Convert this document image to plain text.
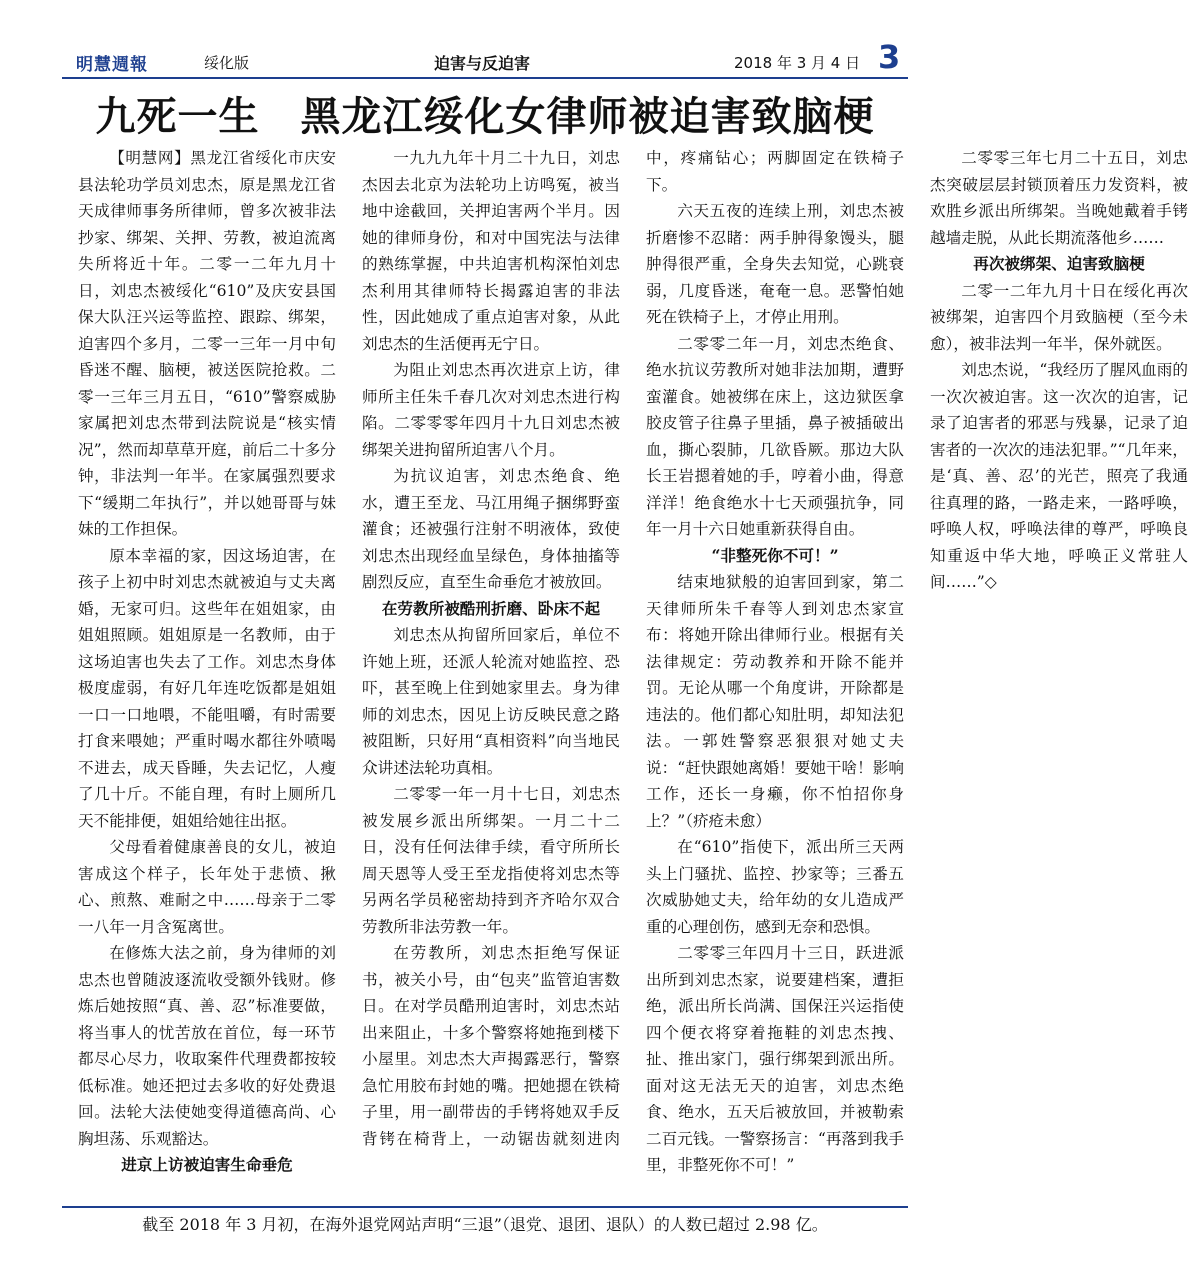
明慧週報	绥化版	迫害与反迫害	2018 年 3 月 4 日 3
九死一生　黑龙江绥化女律师被迫害致脑梗

【明慧网】黑龙江省绥化市庆安县法轮功学员刘忠杰，原是黑龙江省天成律师事务所律师，曾多次被非法抄家、绑架、关押、劳教，被迫流离失所将近十年。二零一二年九月十日，刘忠杰被绥化“610”及庆安县国保大队汪兴运等监控、跟踪、绑架，迫害四个多月，二零一三年一月中旬昏迷不醒、脑梗，被送医院抢救。二零一三年三月五日，“610”警察威胁家属把刘忠杰带到法院说是“核实情况”，然而却草草开庭，前后二十多分钟，非法判一年半。在家属强烈要求下“缓期二年执行”，并以她哥哥与妹妹的工作担保。

原本幸福的家，因这场迫害，在孩子上初中时刘忠杰就被迫与丈夫离婚，无家可归。这些年在姐姐家，由姐姐照顾。姐姐原是一名教师，由于这场迫害也失去了工作。刘忠杰身体极度虚弱，有好几年连吃饭都是姐姐一口一口地喂，不能咀嚼，有时需要打食来喂她；严重时喝水都往外喷喝不进去，成天昏睡，失去记忆，人瘦了几十斤。不能自理，有时上厕所几天不能排便，姐姐给她往出抠。

父母看着健康善良的女儿，被迫害成这个样子，长年处于悲愤、揪心、煎熬、难耐之中……母亲于二零一八年一月含冤离世。

在修炼大法之前，身为律师的刘忠杰也曾随波逐流收受额外钱财。修炼后她按照“真、善、忍”标准要做，将当事人的忧苦放在首位，每一环节都尽心尽力，收取案件代理费都按较低标准。她还把过去多收的好处费退回。法轮大法使她变得道德高尚、心胸坦荡、乐观豁达。

进京上访被迫害生命垂危

一九九九年十月二十九日，刘忠杰因去北京为法轮功上访鸣冤，被当地中途截回，关押迫害两个半月。因她的律师身份，和对中国宪法与法律的熟练掌握，中共迫害机构深怕刘忠杰利用其律师特长揭露迫害的非法性，因此她成了重点迫害对象，从此刘忠杰的生活便再无宁日。

为阻止刘忠杰再次进京上访，律师所主任朱千春几次对刘忠杰进行构陷。二零零零年四月十九日刘忠杰被绑架关进拘留所迫害八个月。

为抗议迫害，刘忠杰绝食、绝水，遭王至龙、马江用绳子捆绑野蛮灌食；还被强行注射不明液体，致使刘忠杰出现经血呈绿色，身体抽搐等剧烈反应，直至生命垂危才被放回。

在劳教所被酷刑折磨、卧床不起

刘忠杰从拘留所回家后，单位不许她上班，还派人轮流对她监控、恐吓，甚至晚上住到她家里去。身为律师的刘忠杰，因见上访反映民意之路被阻断，只好用“真相资料”向当地民众讲述法轮功真相。

二零零一年一月十七日，刘忠杰被发展乡派出所绑架。一月二十二日，没有任何法律手续，看守所所长周天恩等人受王至龙指使将刘忠杰等另两名学员秘密劫持到齐齐哈尔双合劳教所非法劳教一年。

在劳教所，刘忠杰拒绝写保证书，被关小号，由“包夹”监管迫害数日。在对学员酷刑迫害时，刘忠杰站出来阻止，十多个警察将她拖到楼下小屋里。刘忠杰大声揭露恶行，警察急忙用胶布封她的嘴。把她摁在铁椅子里，用一副带齿的手铐将她双手反背铐在椅背上，一动锯齿就刻进肉中，疼痛钻心；两脚固定在铁椅子下。

六天五夜的连续上刑，刘忠杰被折磨惨不忍睹：两手肿得象馒头，腿肿得很严重，全身失去知觉，心跳衰弱，几度昏迷，奄奄一息。恶警怕她死在铁椅子上，才停止用刑。

二零零二年一月，刘忠杰绝食、绝水抗议劳教所对她非法加期，遭野蛮灌食。她被绑在床上，这边狱医拿胶皮管子往鼻子里插，鼻子被插破出血，撕心裂肺，几欲昏厥。那边大队长王岩摁着她的手，哼着小曲，得意洋洋！绝食绝水十七天顽强抗争，同年一月十六日她重新获得自由。

“非整死你不可！”

结束地狱般的迫害回到家，第二天律师所朱千春等人到刘忠杰家宣布：将她开除出律师行业。根据有关法律规定：劳动教养和开除不能并罚。无论从哪一个角度讲，开除都是违法的。他们都心知肚明，却知法犯法。一郭姓警察恶狠狠对她丈夫说：“赶快跟她离婚！要她干啥！影响工作，还长一身癞，你不怕招你身上？”（疥疮未愈）

在“610”指使下，派出所三天两头上门骚扰、监控、抄家等；三番五次威胁她丈夫，给年幼的女儿造成严重的心理创伤，感到无奈和恐惧。

二零零三年四月十三日，跃进派出所到刘忠杰家，说要建档案，遭拒绝，派出所长尚满、国保汪兴运指使四个便衣将穿着拖鞋的刘忠杰拽、扯、推出家门，强行绑架到派出所。面对这无法无天的迫害，刘忠杰绝食、绝水，五天后被放回，并被勒索二百元钱。一警察扬言：“再落到我手里，非整死你不可！”

二零零三年七月二十五日，刘忠杰突破层层封锁顶着压力发资料，被欢胜乡派出所绑架。当晚她戴着手铐越墙走脱，从此长期流落他乡……

再次被绑架、迫害致脑梗

二零一二年九月十日在绥化再次被绑架，迫害四个月致脑梗（至今未愈），被非法判一年半，保外就医。

刘忠杰说，“我经历了腥风血雨的一次次被迫害。这一次次的迫害，记录了迫害者的邪恶与残暴，记录了迫害者的一次次的违法犯罪。”“几年来，是‘真、善、忍’的光芒，照亮了我通往真理的路，一路走来，一路呼唤，呼唤人权，呼唤法律的尊严，呼唤良知重返中华大地，呼唤正义常驻人间……”◇

截至 2018 年 3 月初，在海外退党网站声明“三退”（退党、退团、退队）的人数已超过 2.98 亿。
